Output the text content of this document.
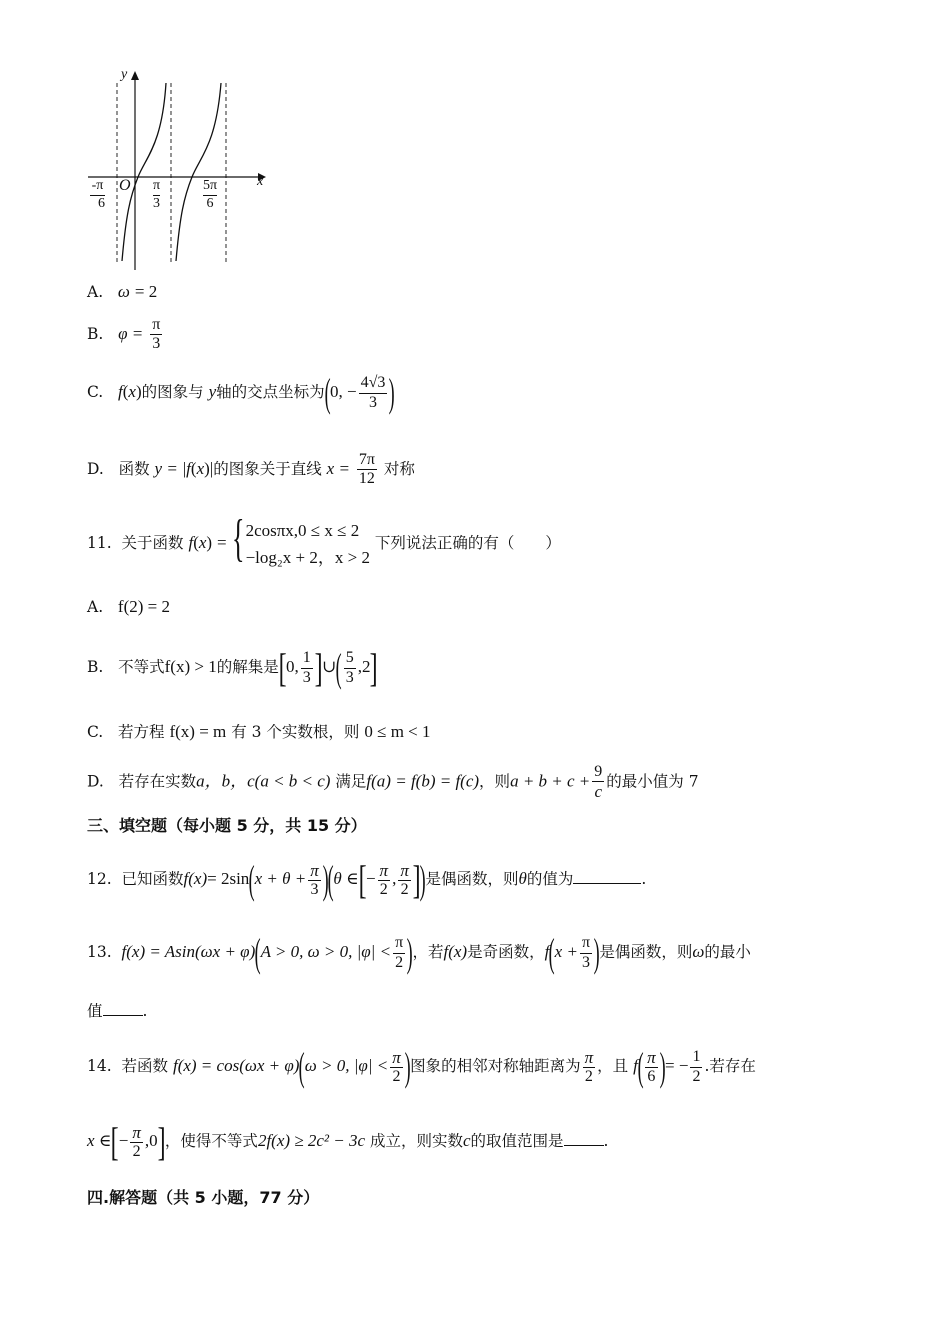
y
x
O
$\frac{-\pi}{6}$	$\frac{\pi}{3}$	$\frac{5\pi}{6}$
A. ω = 2
B. $\varphi = \frac{\pi}{3}$
C. f(x)的图象与 y轴的交点坐标为(0, − $\frac{4√3}{3}$ )
D. 函数 y = |f(x)|的图象关于直线 $x = \frac{7\pi}{12}$ 对称
11. 关于函数 f(x) = { 2cosπx,0 ≤ x ≤ 2
−log₂x + 2，x > 2
下列说法正确的有（　　）
A. f(2) = 2
B. 不等式f(x) > 1的解集是[0, $\frac{1}{3}$ ]∪( $\frac{5}{3} ,2$]
C. 若方程 f(x) = m 有 3 个实数根，则 0 ≤ m < 1
D. 若存在实数a，b，c(a < b < c) 满足f(a) = f(b) = f(c)，则$a + b + c + \frac{9}{c}$ 的最小值为 7
三、填空题（每小题 5 分，共 15 分）
12. 已知函数$f(x)= 2\sin(x + \theta + \frac{\pi}{3} )(\theta$ ∈[− $\frac{\pi}{2}$ , $\frac{\pi}{2}$ ])是偶函数，则θ的值为	.
13. f(x) = Asin(ωx + φ)(A > 0, ω > 0, $|\varphi| < \frac{\pi}{2}$ )，若f(x)是奇函数，$f(x + \frac{\pi}{3}$ )是偶函数，则ω的最小
值	.
14. 若函数 f(x) = cos(ωx + φ)(ω > 0, $|\varphi| < \frac{\pi}{2}$ )图象的相邻对称轴距离为 $\frac{\pi}{2}$ ，且 $f( \frac{\pi}{6}$ )= − $\frac{1}{2}$ .若存在
x ∈[− $\frac{\pi}{2} ,0$]，使得不等式2f(x) ≥ 2c² − 3c 成立，则实数c的取值范围是	.
四.解答题（共 5 小题，77 分）
